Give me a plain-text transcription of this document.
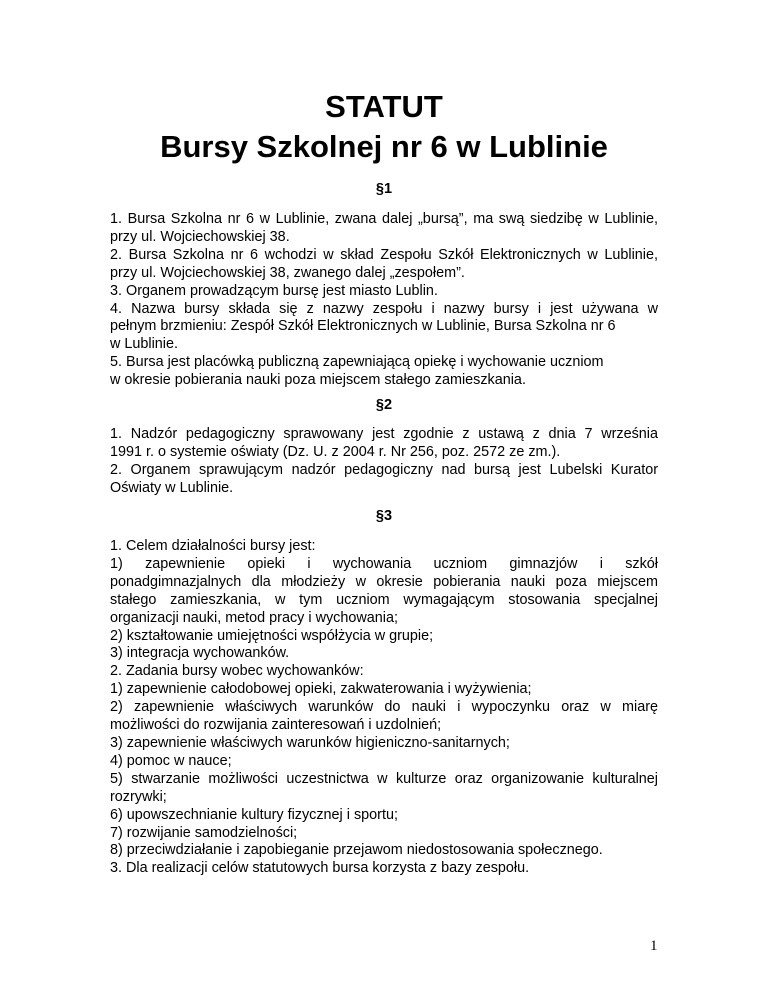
STATUT
Bursy Szkolnej nr 6 w Lublinie
§1
1. Bursa Szkolna nr 6 w Lublinie, zwana dalej „bursą”, ma swą siedzibę w Lublinie,
przy ul. Wojciechowskiej 38.
2. Bursa Szkolna nr 6 wchodzi w skład Zespołu Szkół Elektronicznych w Lublinie,
przy ul. Wojciechowskiej 38, zwanego dalej „zespołem”.
3. Organem prowadzącym bursę jest miasto Lublin.
4. Nazwa bursy składa się z nazwy zespołu i nazwy bursy i jest używana w
pełnym brzmieniu: Zespół Szkół Elektronicznych w Lublinie, Bursa Szkolna nr 6
w Lublinie.
5. Bursa jest placówką publiczną zapewniającą opiekę i wychowanie uczniom
w okresie pobierania nauki poza miejscem stałego zamieszkania.
§2
1. Nadzór pedagogiczny sprawowany jest zgodnie z ustawą z dnia 7 września
1991 r. o systemie oświaty (Dz. U. z 2004 r. Nr 256, poz. 2572 ze zm.).
2. Organem sprawującym nadzór pedagogiczny nad bursą jest Lubelski Kurator
Oświaty w Lublinie.
§3
1. Celem działalności bursy jest:
1) zapewnienie opieki i wychowania uczniom gimnazjów i szkół
ponadgimnazjalnych dla młodzieży w okresie pobierania nauki poza miejscem
stałego zamieszkania, w tym uczniom wymagającym stosowania specjalnej
organizacji nauki, metod pracy i wychowania;
2) kształtowanie umiejętności współżycia w grupie;
3) integracja wychowanków.
2. Zadania bursy wobec wychowanków:
1) zapewnienie całodobowej opieki, zakwaterowania i wyżywienia;
2) zapewnienie właściwych warunków do nauki i wypoczynku oraz w miarę
możliwości do rozwijania zainteresowań i uzdolnień;
3) zapewnienie właściwych warunków higieniczno-sanitarnych;
4) pomoc w nauce;
5) stwarzanie możliwości uczestnictwa w kulturze oraz organizowanie kulturalnej
rozrywki;
6) upowszechnianie kultury fizycznej i sportu;
7) rozwijanie samodzielności;
8) przeciwdziałanie i zapobieganie przejawom niedostosowania społecznego.
3. Dla realizacji celów statutowych bursa korzysta z bazy zespołu.
1
